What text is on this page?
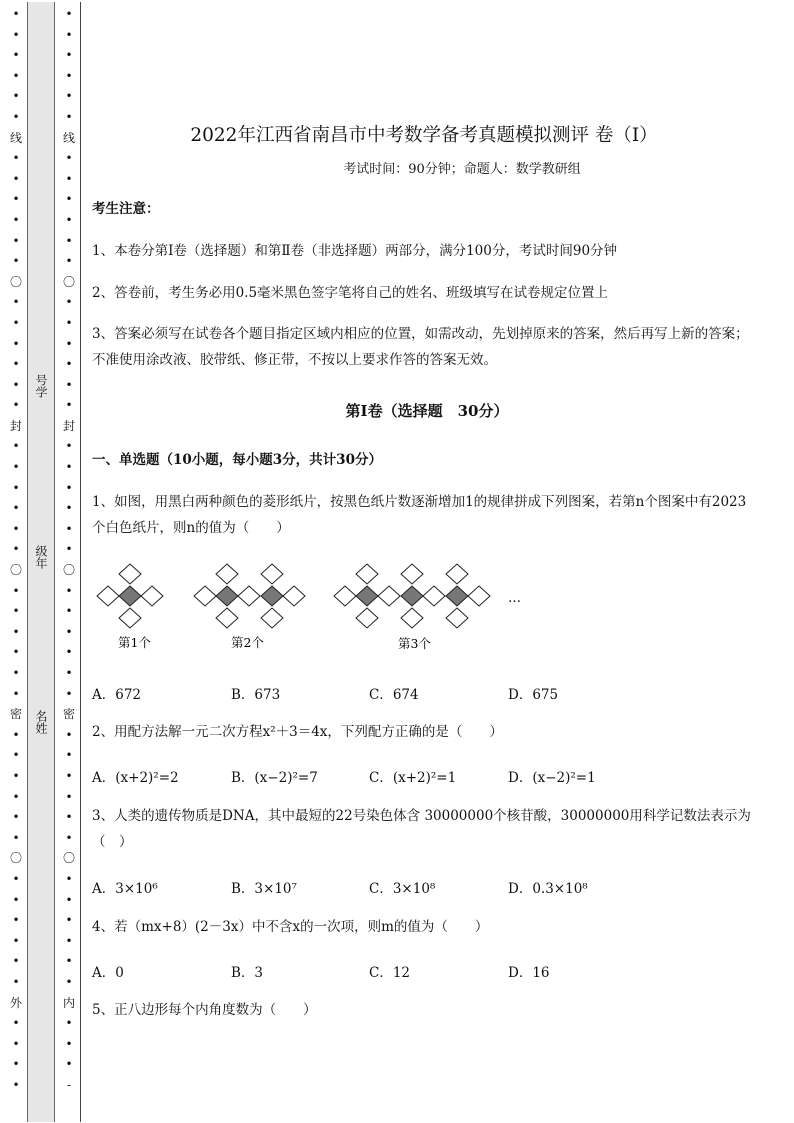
•
•
•
•
•
•
线
•
•
•
•
•
•
〇
•
•
•
•
•
•
封
•
•
•
•
•
•
〇
•
•
•
•
•
•
密
•
•
•
•
•
•
〇
•
•
•
•
•
•
外
•
•
•
•
号学
级年
名姓
•
•
•
•
•
•
线
•
•
•
•
•
•
〇
•
•
•
•
•
•
封
•
•
•
•
•
•
〇
•
•
•
•
•
•
密
•
•
•
•
•
•
〇
•
•
•
•
•
•
内
•
•
•
-
2022年江西省南昌市中考数学备考真题模拟测评 卷（Ⅰ）
考试时间：90分钟；命题人：数学教研组
考生注意：
1、本卷分第Ⅰ卷（选择题）和第Ⅱ卷（非选择题）两部分，满分100分，考试时间90分钟
2、答卷前，考生务必用0.5毫米黑色签字笔将自己的姓名、班级填写在试卷规定位置上
3、答案必须写在试卷各个题目指定区域内相应的位置，如需改动，先划掉原来的答案，然后再写上新的答案；不准使用涂改液、胶带纸、修正带，不按以上要求作答的答案无效。
第Ⅰ卷（选择题　30分）
一、单选题（10小题，每小题3分，共计30分）
1、如图，用黑白两种颜色的菱形纸片，按黑色纸片数逐渐增加1的规律拼成下列图案，若第n个图案中有2023个白色纸片，则n的值为（　　）
…
第1个	第2个	第3个
A．672	B．673	C．674	D．675
2、用配方法解一元二次方程x²＋3＝4x，下列配方正确的是（　　）
A．(x+2)²=2	B．(x−2)²=7	C．(x+2)²=1	D．(x−2)²=1
3、人类的遗传物质是DNA，其中最短的22号染色体含 30000000个核苷酸，30000000用科学记数法表示为（　）
A．3×10⁶	B．3×10⁷	C．3×10⁸	D．0.3×10⁸
4、若（mx+8）(2－3x）中不含x的一次项，则m的值为（　　）
A．0	B．3	C．12	D．16
5、正八边形每个内角度数为（　　）
